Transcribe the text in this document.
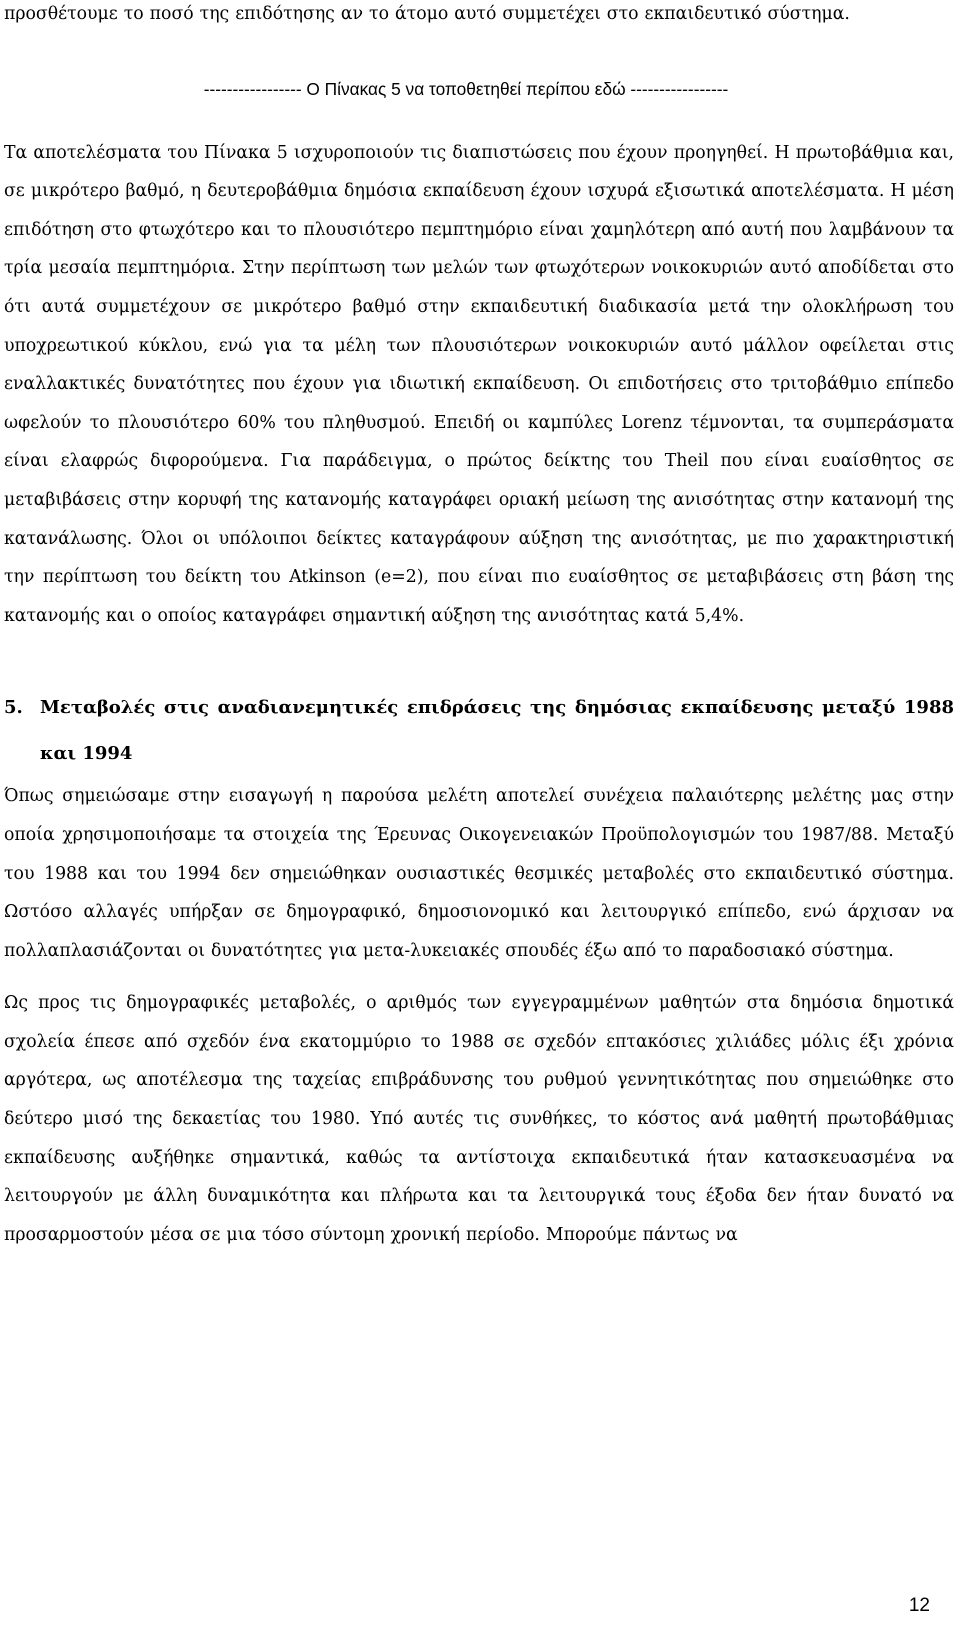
προσθέτουμε το ποσό της επιδότησης αν το άτομο αυτό συμμετέχει στο εκπαιδευτικό σύστημα.

----------------- Ο Πίνακας 5 να τοποθετηθεί περίπου εδώ -----------------

Τα αποτελέσματα του Πίνακα 5 ισχυροποιούν τις διαπιστώσεις που έχουν προηγηθεί. Η πρωτοβάθμια και, σε μικρότερο βαθμό, η δευτεροβάθμια δημόσια εκπαίδευση έχουν ισχυρά εξισωτικά αποτελέσματα. Η μέση επιδότηση στο φτωχότερο και το πλουσιότερο πεμπτημόριο είναι χαμηλότερη από αυτή που λαμβάνουν τα τρία μεσαία πεμπτημόρια. Στην περίπτωση των μελών των φτωχότερων νοικοκυριών αυτό αποδίδεται στο ότι αυτά συμμετέχουν σε μικρότερο βαθμό στην εκπαιδευτική διαδικασία μετά την ολοκλήρωση του υποχρεωτικού κύκλου, ενώ για τα μέλη των πλουσιότερων νοικοκυριών αυτό μάλλον οφείλεται στις εναλλακτικές δυνατότητες που έχουν για ιδιωτική εκπαίδευση. Οι επιδοτήσεις στο τριτοβάθμιο επίπεδο ωφελούν το πλουσιότερο 60% του πληθυσμού. Επειδή οι καμπύλες Lorenz τέμνονται, τα συμπεράσματα είναι ελαφρώς διφορούμενα. Για παράδειγμα, ο πρώτος δείκτης του Theil που είναι ευαίσθητος σε μεταβιβάσεις στην κορυφή της κατανομής καταγράφει οριακή μείωση της ανισότητας στην κατανομή της κατανάλωσης. Όλοι οι υπόλοιποι δείκτες καταγράφουν αύξηση της ανισότητας, με πιο χαρακτηριστική την περίπτωση του δείκτη του Atkinson (e=2), που είναι πιο ευαίσθητος σε μεταβιβάσεις στη βάση της κατανομής και ο οποίος καταγράφει σημαντική αύξηση της ανισότητας κατά 5,4%.

5. Μεταβολές στις αναδιανεμητικές επιδράσεις της δημόσιας εκπαίδευσης μεταξύ 1988 και 1994

Όπως σημειώσαμε στην εισαγωγή η παρούσα μελέτη αποτελεί συνέχεια παλαιότερης μελέτης μας στην οποία χρησιμοποιήσαμε τα στοιχεία της Έρευνας Οικογενειακών Προϋπολογισμών του 1987/88. Μεταξύ του 1988 και του 1994 δεν σημειώθηκαν ουσιαστικές θεσμικές μεταβολές στο εκπαιδευτικό σύστημα. Ωστόσο αλλαγές υπήρξαν σε δημογραφικό, δημοσιονομικό και λειτουργικό επίπεδο, ενώ άρχισαν να πολλαπλασιάζονται οι δυνατότητες για μετα-λυκειακές σπουδές έξω από το παραδοσιακό σύστημα.

Ως προς τις δημογραφικές μεταβολές, ο αριθμός των εγγεγραμμένων μαθητών στα δημόσια δημοτικά σχολεία έπεσε από σχεδόν ένα εκατομμύριο το 1988 σε σχεδόν επτακόσιες χιλιάδες μόλις έξι χρόνια αργότερα, ως αποτέλεσμα της ταχείας επιβράδυνσης του ρυθμού γεννητικότητας που σημειώθηκε στο δεύτερο μισό της δεκαετίας του 1980. Υπό αυτές τις συνθήκες, το κόστος ανά μαθητή πρωτοβάθμιας εκπαίδευσης αυξήθηκε σημαντικά, καθώς τα αντίστοιχα εκπαιδευτικά ήταν κατασκευασμένα να λειτουργούν με άλλη δυναμικότητα και πλήρωτα και τα λειτουργικά τους έξοδα δεν ήταν δυνατό να προσαρμοστούν μέσα σε μια τόσο σύντομη χρονική περίοδο. Μπορούμε πάντως να

12
